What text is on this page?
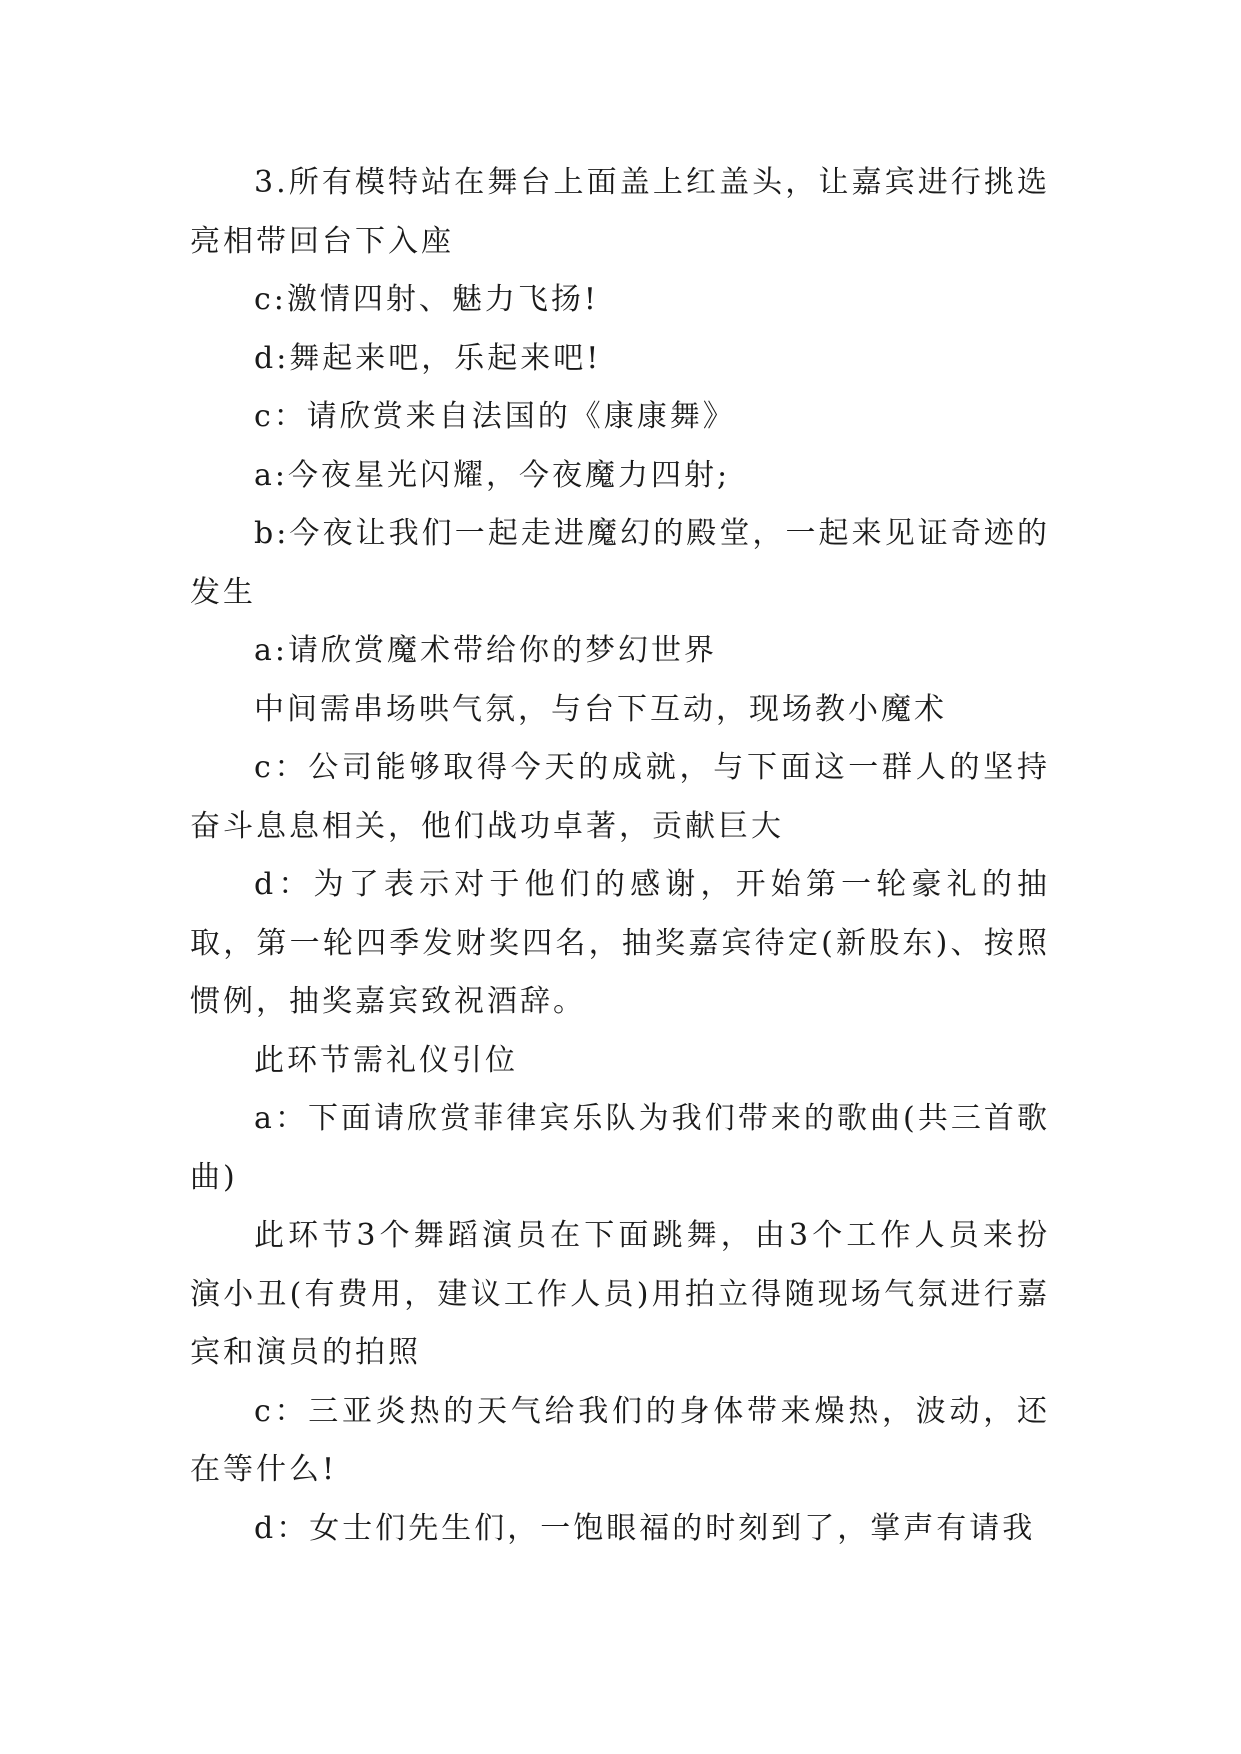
3.所有模特站在舞台上面盖上红盖头，让嘉宾进行挑选亮相带回台下入座

c:激情四射、魅力飞扬!

d:舞起来吧，乐起来吧!

c：请欣赏来自法国的《康康舞》

a:今夜星光闪耀，今夜魔力四射;

b:今夜让我们一起走进魔幻的殿堂，一起来见证奇迹的发生

a:请欣赏魔术带给你的梦幻世界

中间需串场哄气氛，与台下互动，现场教小魔术

c：公司能够取得今天的成就，与下面这一群人的坚持奋斗息息相关，他们战功卓著，贡献巨大

d：为了表示对于他们的感谢，开始第一轮豪礼的抽取，第一轮四季发财奖四名，抽奖嘉宾待定(新股东)、按照惯例，抽奖嘉宾致祝酒辞。

此环节需礼仪引位

a：下面请欣赏菲律宾乐队为我们带来的歌曲(共三首歌曲)

此环节3个舞蹈演员在下面跳舞，由3个工作人员来扮演小丑(有费用，建议工作人员)用拍立得随现场气氛进行嘉宾和演员的拍照

c：三亚炎热的天气给我们的身体带来燥热，波动，还在等什么!

d：女士们先生们，一饱眼福的时刻到了，掌声有请我
